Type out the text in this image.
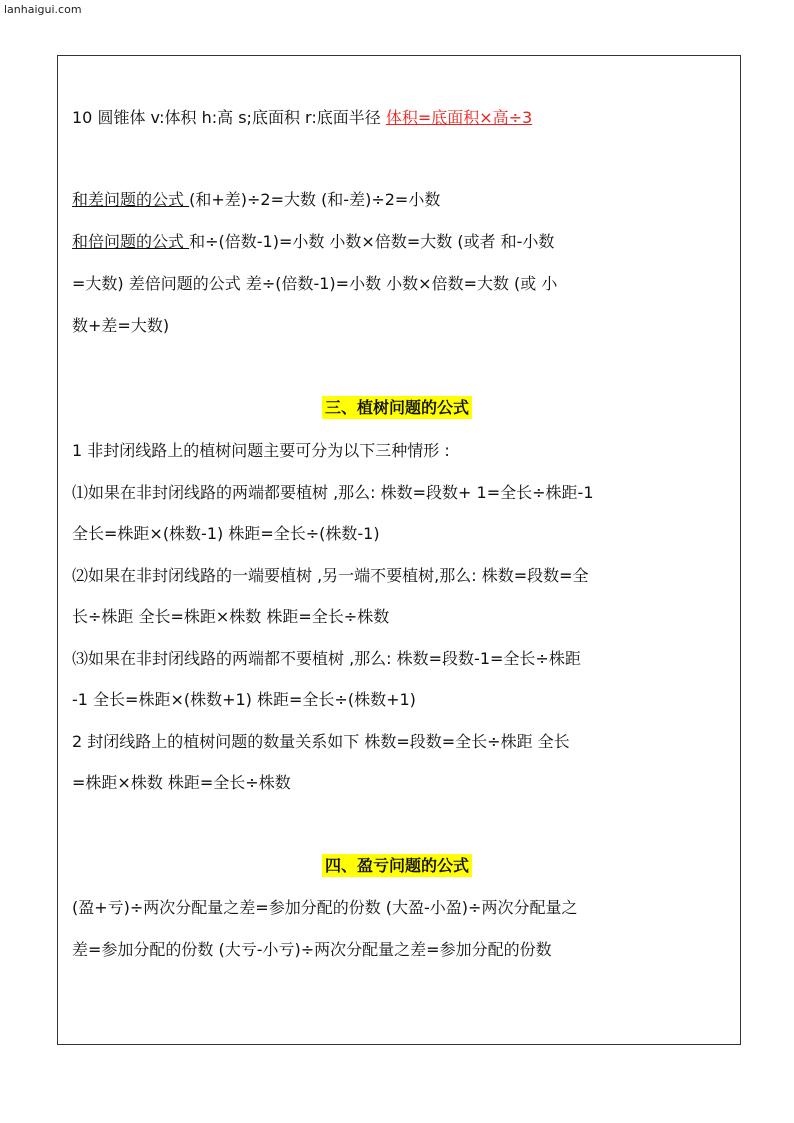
lanhaigui.com
10 圆锥体 v:体积 h:高 s;底面积 r:底面半径 体积=底面积×高÷3
和差问题的公式 (和+差)÷2=大数 (和-差)÷2=小数
和倍问题的公式 和÷(倍数-1)=小数 小数×倍数=大数 (或者 和-小数
=大数) 差倍问题的公式 差÷(倍数-1)=小数 小数×倍数=大数 (或 小
数+差=大数)
三、植树问题的公式
1 非封闭线路上的植树问题主要可分为以下三种情形 :
⑴如果在非封闭线路的两端都要植树 ,那么: 株数=段数+ 1=全长÷株距-1
全长=株距×(株数-1) 株距=全长÷(株数-1)
⑵如果在非封闭线路的一端要植树 ,另一端不要植树,那么: 株数=段数=全
长÷株距 全长=株距×株数 株距=全长÷株数
⑶如果在非封闭线路的两端都不要植树 ,那么: 株数=段数-1=全长÷株距
-1 全长=株距×(株数+1) 株距=全长÷(株数+1)
2 封闭线路上的植树问题的数量关系如下 株数=段数=全长÷株距 全长
=株距×株数 株距=全长÷株数
四、盈亏问题的公式
(盈+亏)÷两次分配量之差=参加分配的份数 (大盈-小盈)÷两次分配量之
差=参加分配的份数 (大亏-小亏)÷两次分配量之差=参加分配的份数
